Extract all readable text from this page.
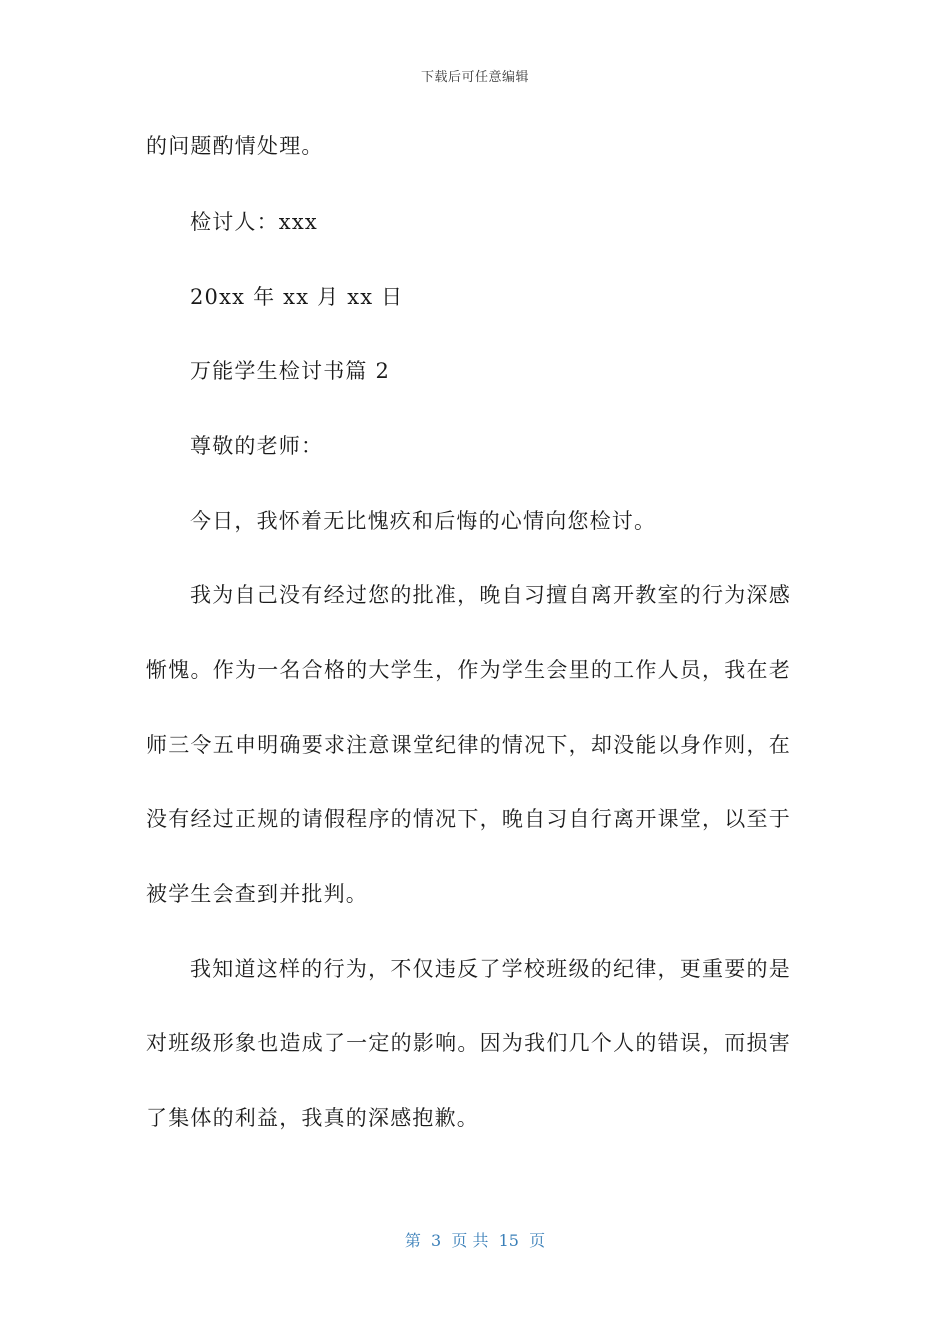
下载后可任意编辑
的问题酌情处理。
检讨人：xxx
20xx 年 xx 月 xx 日
万能学生检讨书篇 2
尊敬的老师：
今日，我怀着无比愧疚和后悔的心情向您检讨。
我为自己没有经过您的批准，晚自习擅自离开教室的行为深感
惭愧。作为一名合格的大学生，作为学生会里的工作人员，我在老
师三令五申明确要求注意课堂纪律的情况下，却没能以身作则，在
没有经过正规的请假程序的情况下，晚自习自行离开课堂，以至于
被学生会查到并批判。
我知道这样的行为，不仅违反了学校班级的纪律，更重要的是
对班级形象也造成了一定的影响。因为我们几个人的错误，而损害
了集体的利益，我真的深感抱歉。
第  3  页 共  15  页
